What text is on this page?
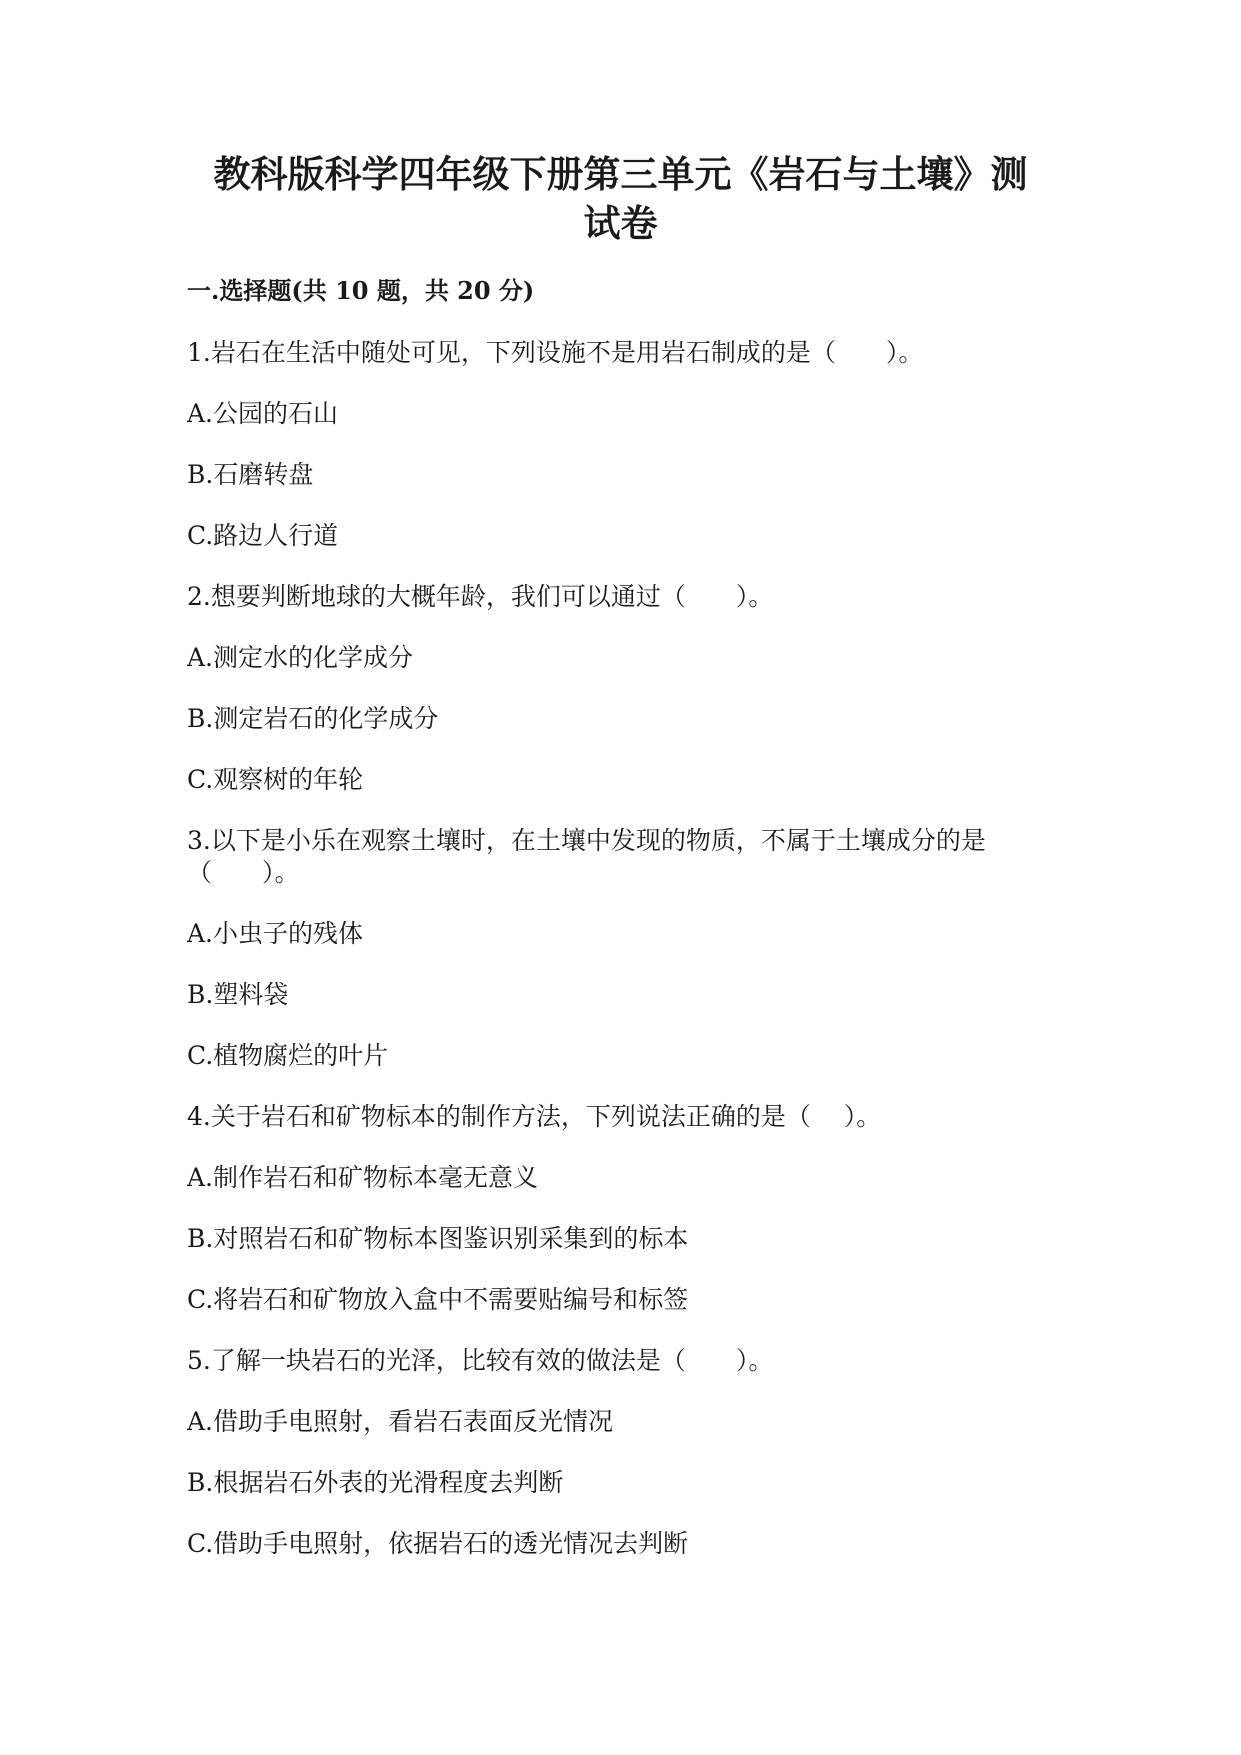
教科版科学四年级下册第三单元《岩石与土壤》测
试卷
一.选择题(共 10 题，共 20 分)
1.岩石在生活中随处可见，下列设施不是用岩石制成的是（　　）。
A.公园的石山
B.石磨转盘
C.路边人行道
2.想要判断地球的大概年龄，我们可以通过（　　）。
A.测定水的化学成分
B.测定岩石的化学成分
C.观察树的年轮
3.以下是小乐在观察土壤时，在土壤中发现的物质，不属于土壤成分的是
（　　）。
A.小虫子的残体
B.塑料袋
C.植物腐烂的叶片
4.关于岩石和矿物标本的制作方法，下列说法正确的是（　 ）。
A.制作岩石和矿物标本毫无意义
B.对照岩石和矿物标本图鉴识别采集到的标本
C.将岩石和矿物放入盒中不需要贴编号和标签
5.了解一块岩石的光泽，比较有效的做法是（　　）。
A.借助手电照射，看岩石表面反光情况
B.根据岩石外表的光滑程度去判断
C.借助手电照射，依据岩石的透光情况去判断
